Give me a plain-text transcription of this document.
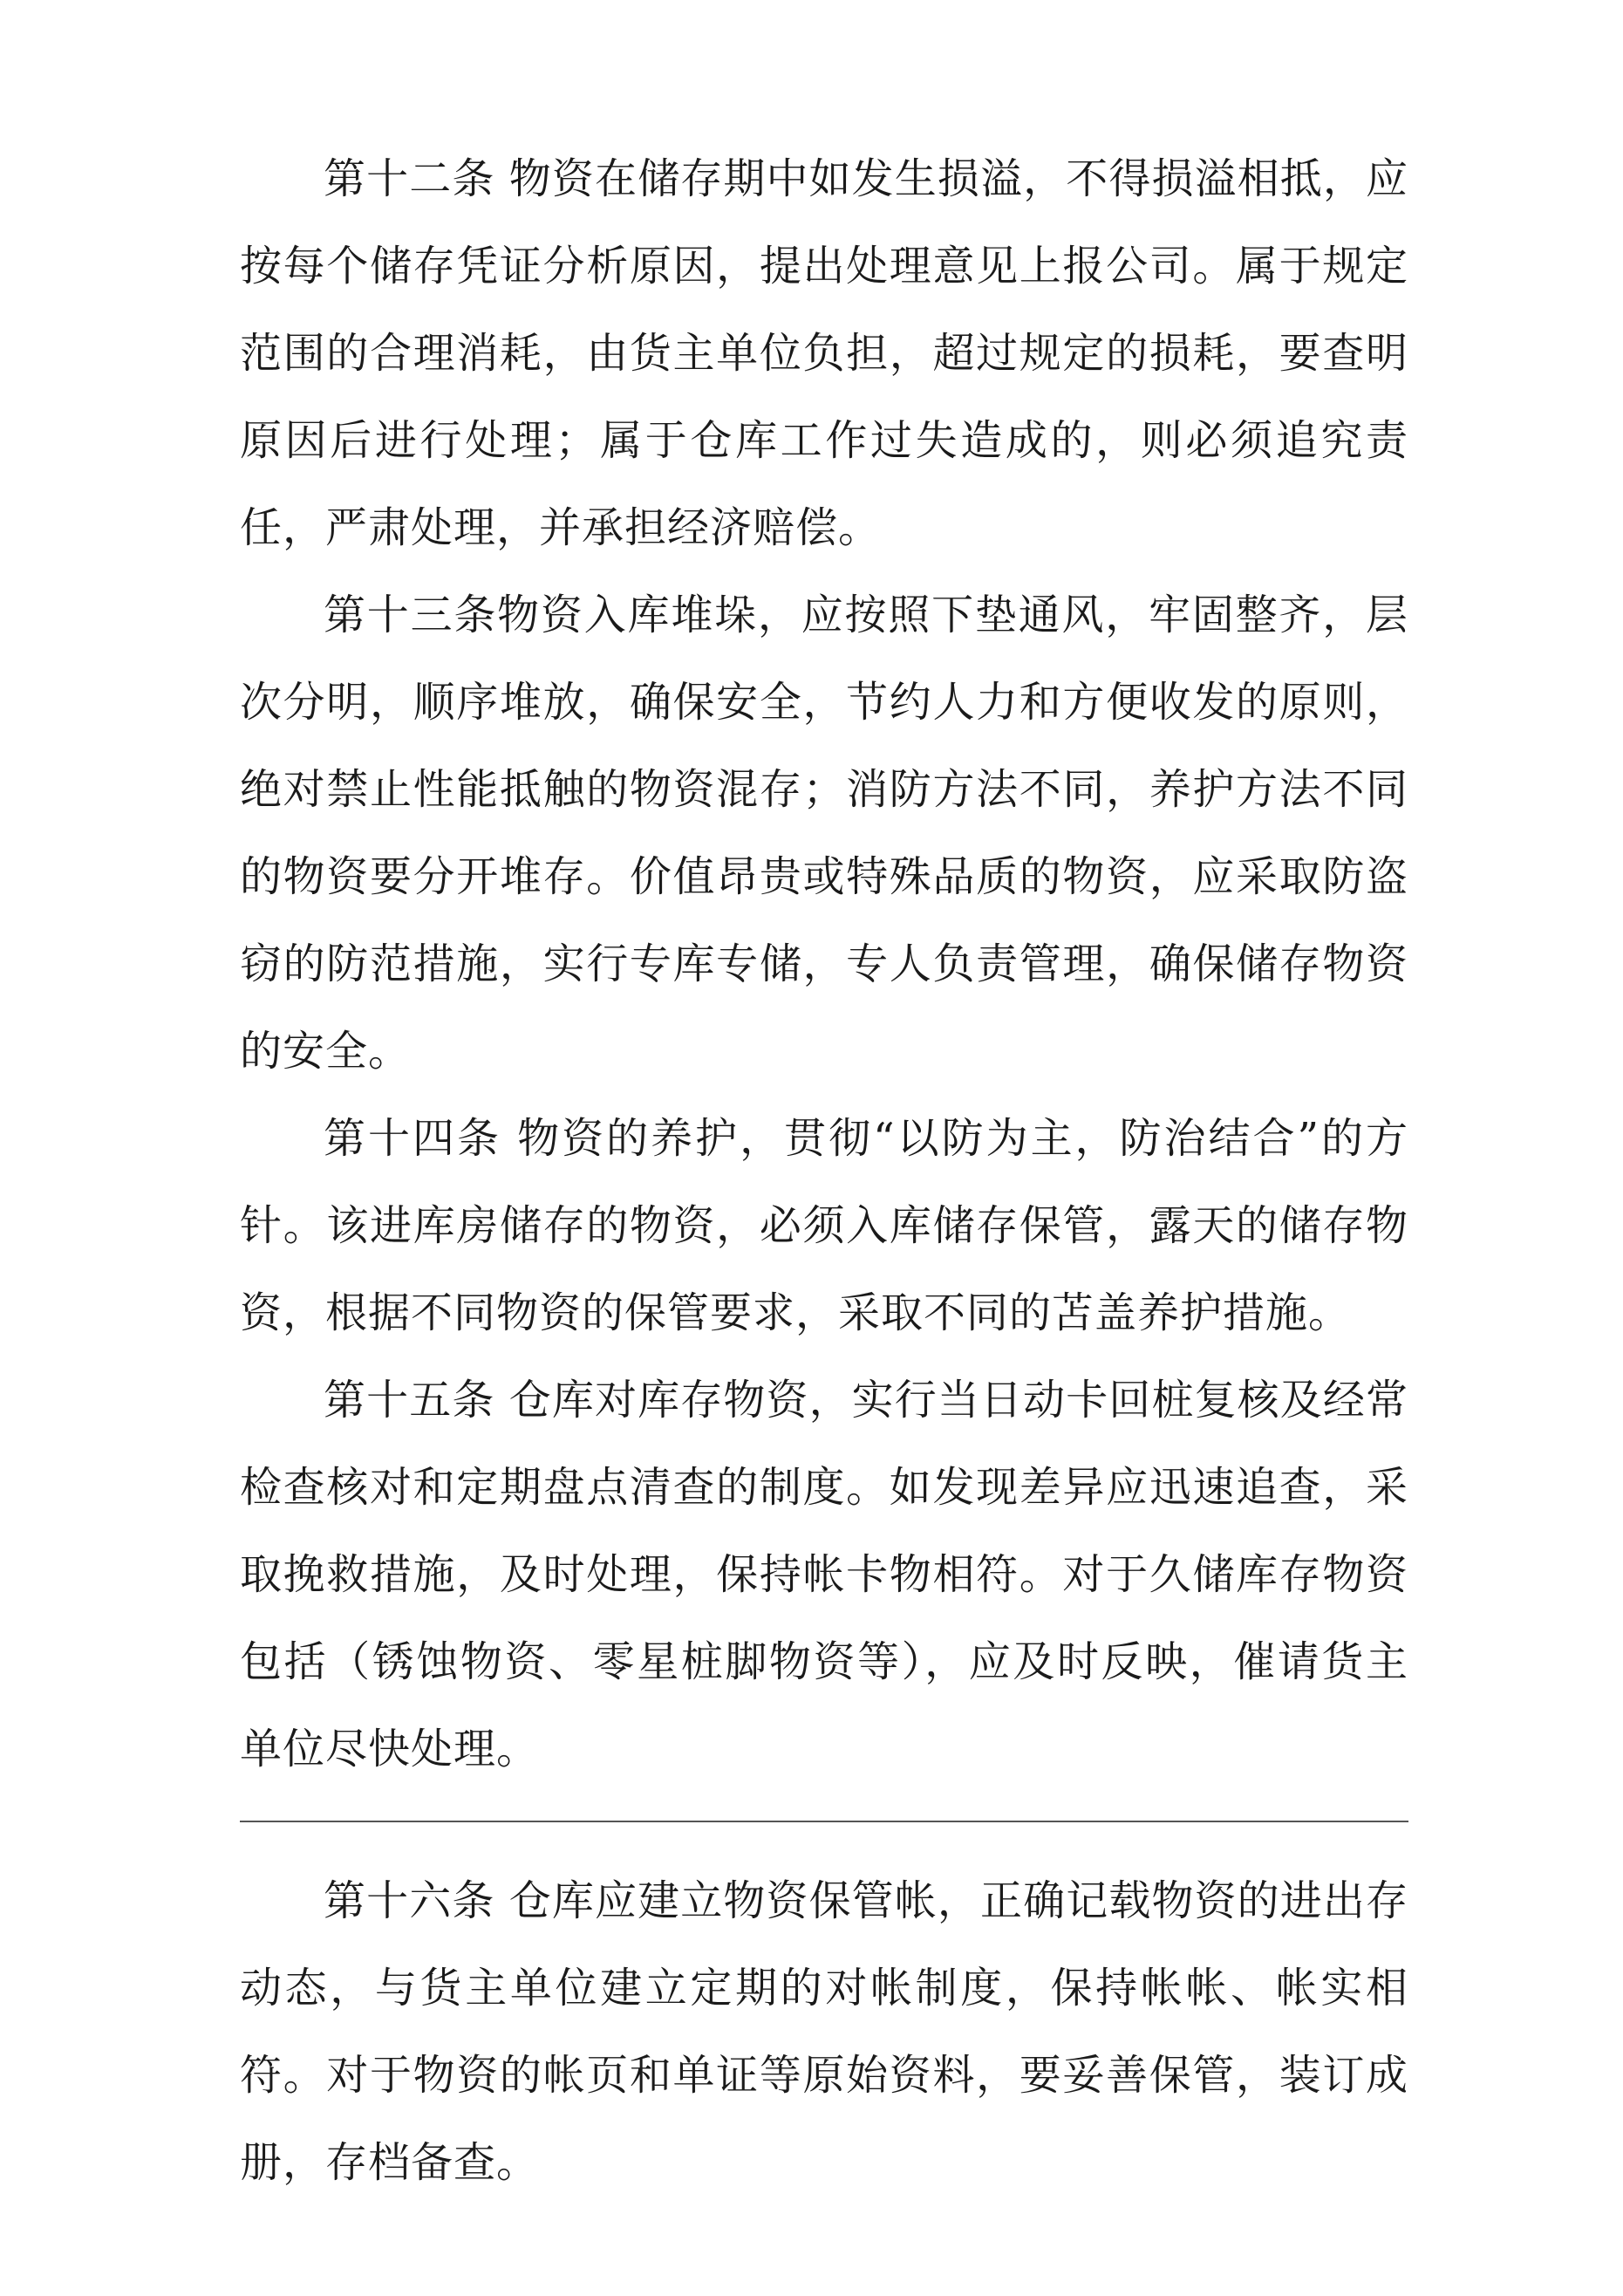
第十二条 物资在储存期中如发生损溢，不得损溢相抵，应按每个储存凭证分析原因，提出处理意见上报公司。属于规定范围的合理消耗，由货主单位负担，超过规定的损耗，要查明原因后进行处理；属于仓库工作过失造成的，则必须追究责任，严肃处理，并承担经济赔偿。

第十三条物资入库堆垛，应按照下垫通风，牢固整齐，层次分明，顺序堆放，确保安全，节约人力和方便收发的原则，绝对禁止性能抵触的物资混存；消防方法不同，养护方法不同的物资要分开堆存。价值昂贵或特殊品质的物资，应采取防盗窃的防范措施，实行专库专储，专人负责管理，确保储存物资的安全。

第十四条 物资的养护，贯彻“以防为主，防治结合”的方针。该进库房储存的物资，必须入库储存保管，露天的储存物资，根据不同物资的保管要求，采取不同的苫盖养护措施。

第十五条 仓库对库存物资，实行当日动卡回桩复核及经常检查核对和定期盘点清查的制度。如发现差异应迅速追查，采取挽救措施，及时处理，保持帐卡物相符。对于久储库存物资包括（锈蚀物资、零星桩脚物资等），应及时反映，催请货主单位尽快处理。

第十六条 仓库应建立物资保管帐，正确记载物资的进出存动态，与货主单位建立定期的对帐制度，保持帐帐、帐实相符。对于物资的帐页和单证等原始资料，要妥善保管，装订成册，存档备查。
